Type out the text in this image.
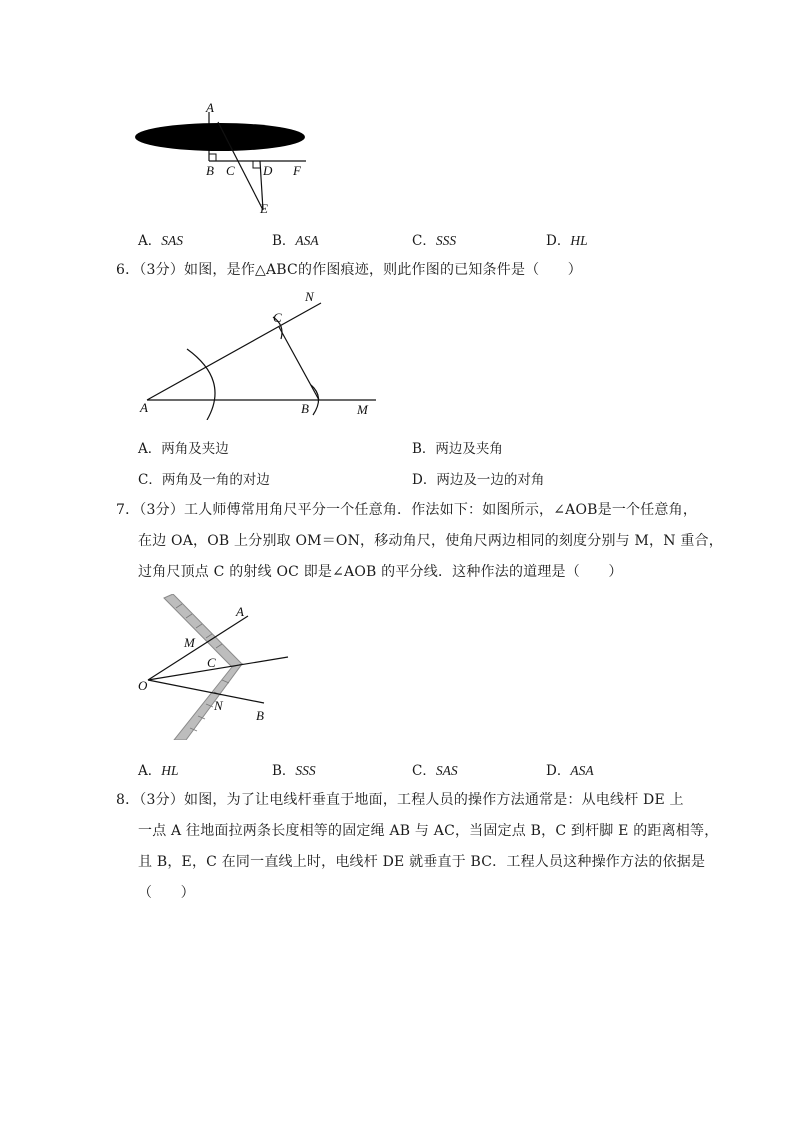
A
B C D F
E
A．SAS	B．ASA	C．SSS	D．HL
6．（3分）如图，是作△ABC的作图痕迹，则此作图的已知条件是（　　）
N
C
A	B	M
A．两角及夹边	B．两边及夹角
C．两角及一角的对边	D．两边及一边的对角
7．（3分）工人师傅常用角尺平分一个任意角．作法如下：如图所示，∠AOB是一个任意角，
在边 OA，OB 上分别取 OM＝ON，移动角尺，使角尺两边相同的刻度分别与 M，N 重合，
过角尺顶点 C 的射线 OC 即是∠AOB 的平分线．这种作法的道理是（　　）
A
M
C
O
N
B
A．HL	B．SSS	C．SAS	D．ASA
8．（3分）如图，为了让电线杆垂直于地面，工程人员的操作方法通常是：从电线杆 DE 上
一点 A 往地面拉两条长度相等的固定绳 AB 与 AC，当固定点 B，C 到杆脚 E 的距离相等，
且 B，E，C 在同一直线上时，电线杆 DE 就垂直于 BC．工程人员这种操作方法的依据是
（　　）
